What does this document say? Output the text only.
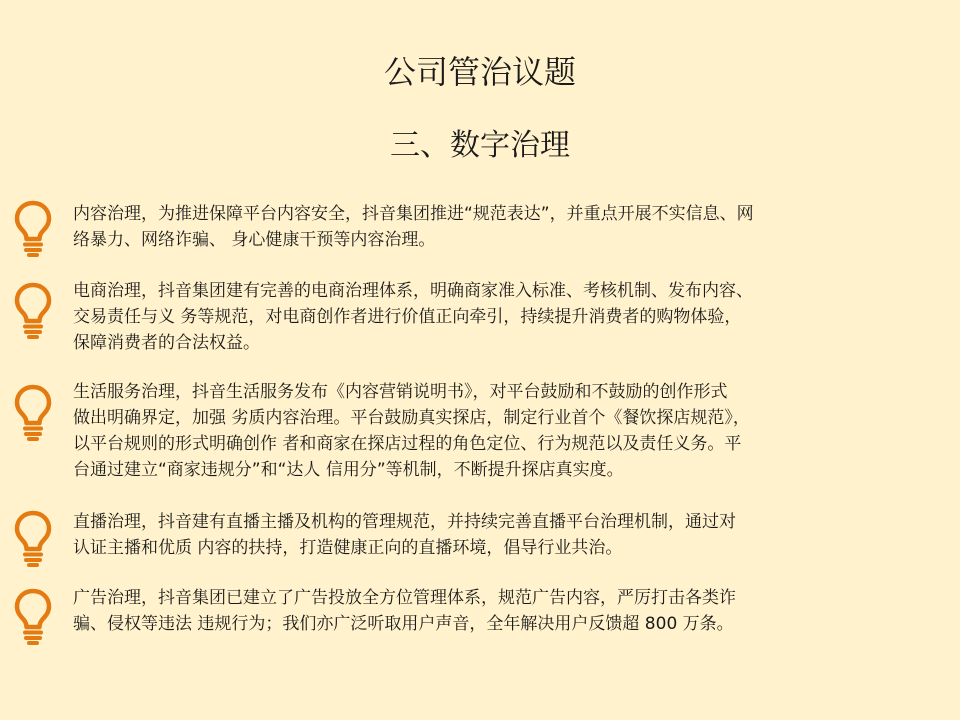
公司管治议题
三、数字治理

内容治理，为推进保障平台内容安全，抖音集团推进“规范表达”，并重点开展不实信息、网
络暴力、网络诈骗、 身心健康干预等内容治理。

电商治理，抖音集团建有完善的电商治理体系，明确商家准入标准、考核机制、发布内容、
交易责任与义 务等规范，对电商创作者进行价值正向牵引，持续提升消费者的购物体验，
保障消费者的合法权益。

生活服务治理，抖音生活服务发布《内容营销说明书》，对平台鼓励和不鼓励的创作形式
做出明确界定，加强 劣质内容治理。平台鼓励真实探店，制定行业首个《餐饮探店规范》，
以平台规则的形式明确创作 者和商家在探店过程的角色定位、行为规范以及责任义务。平
台通过建立“商家违规分”和“达人 信用分”等机制，不断提升探店真实度。

直播治理，抖音建有直播主播及机构的管理规范，并持续完善直播平台治理机制，通过对
认证主播和优质 内容的扶持，打造健康正向的直播环境，倡导行业共治。

广告治理，抖音集团已建立了广告投放全方位管理体系，规范广告内容，严厉打击各类诈
骗、侵权等违法 违规行为；我们亦广泛听取用户声音，全年解决用户反馈超 800 万条。
